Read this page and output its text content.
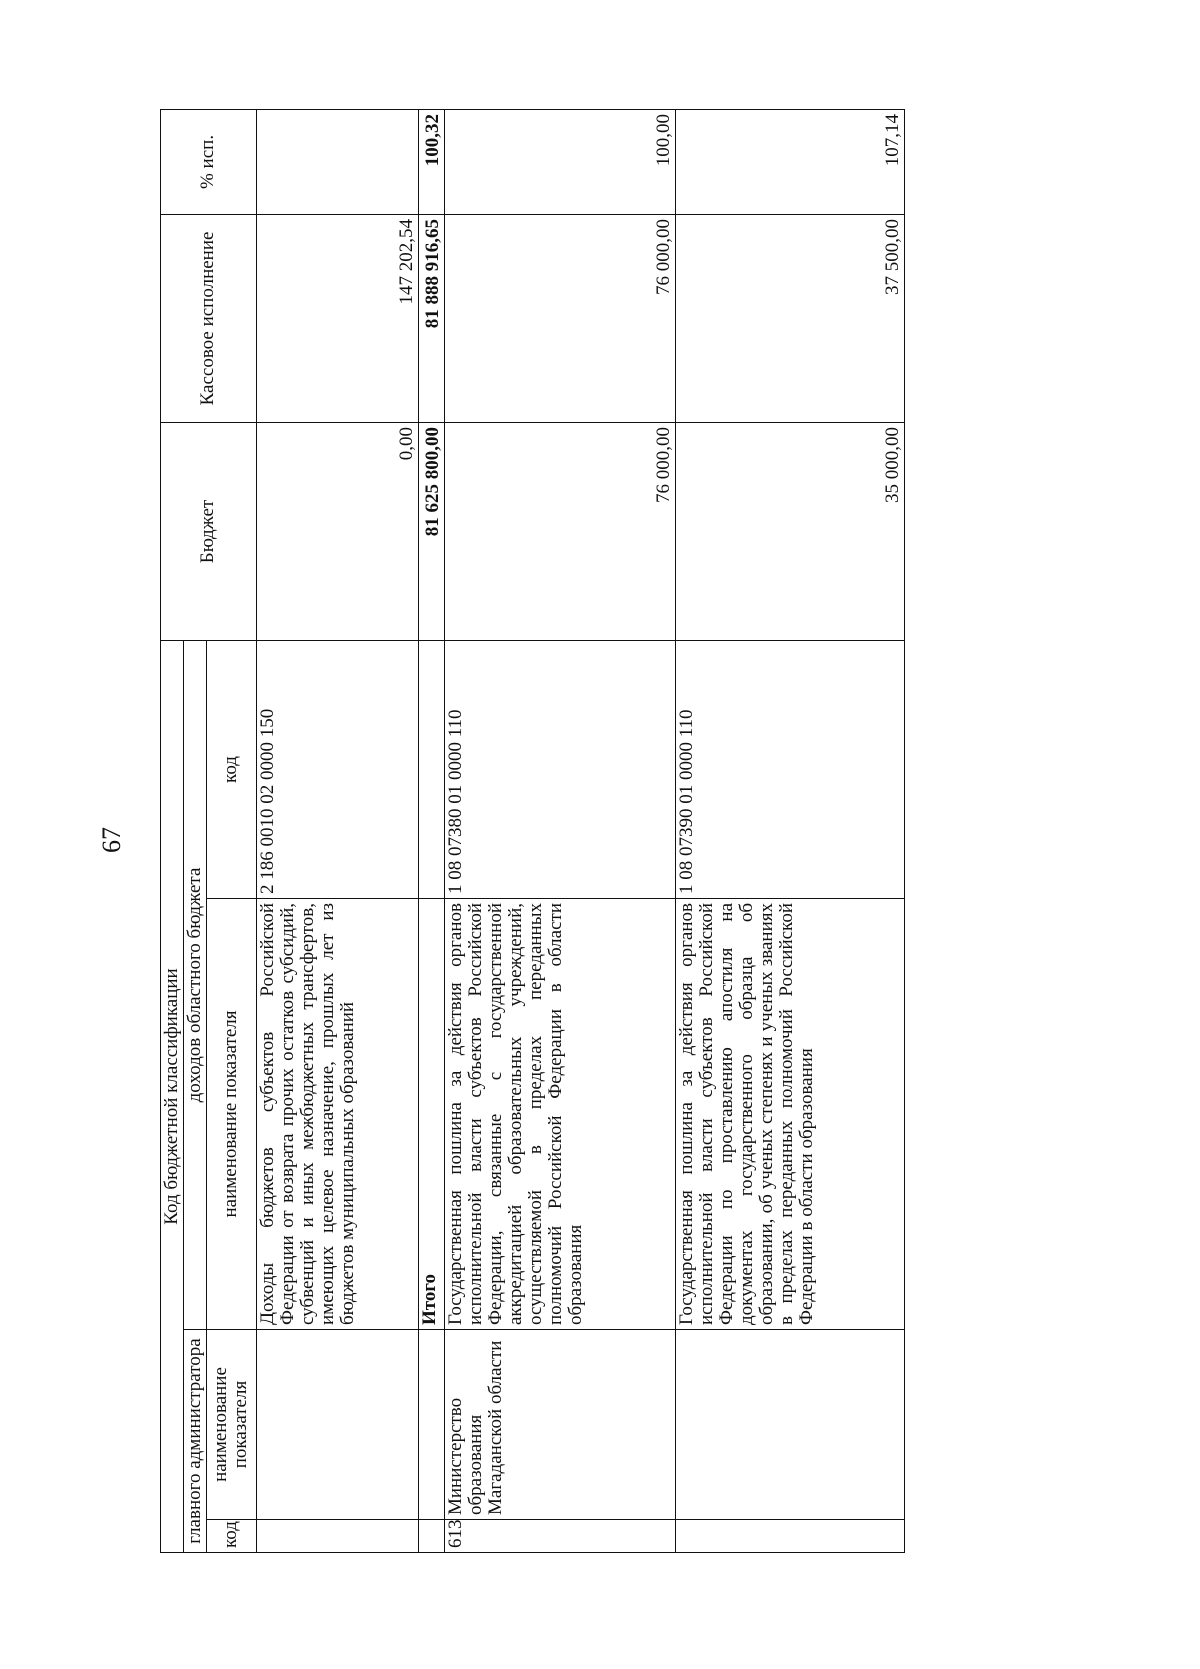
67
Код бюджетной классификации				Бюджет	Кассовое исполнение	% исп.
главного администратора		доходов областного бюджета				
код	наименование показателя	наименование показателя	код			
		Доходы бюджетов субъектов Российской Федерации от возврата прочих остатков субсидий, субвенций и иных межбюджетных трансфертов, имеющих целевое назначение, прошлых лет из бюджетов муниципальных образований	2 186 0010 02 0000 150	0,00	147 202,54	
		Итого		81 625 800,00	81 888 916,65	100,32
613	Министерство образования Магаданской области	Государственная пошлина за действия органов исполнительной власти субъектов Российской Федерации, связанные с государственной аккредитацией образовательных учреждений, осуществляемой в пределах переданных полномочий Российской Федерации в области образования	1 08 07380 01 0000 110	76 000,00	76 000,00	100,00
		Государственная пошлина за действия органов исполнительной власти субъектов Российской Федерации по проставлению апостиля на документах государственного образца об образовании, об ученых степенях и ученых званиях в пределах переданных полномочий Российской Федерации в области образования	1 08 07390 01 0000 110	35 000,00	37 500,00	107,14
